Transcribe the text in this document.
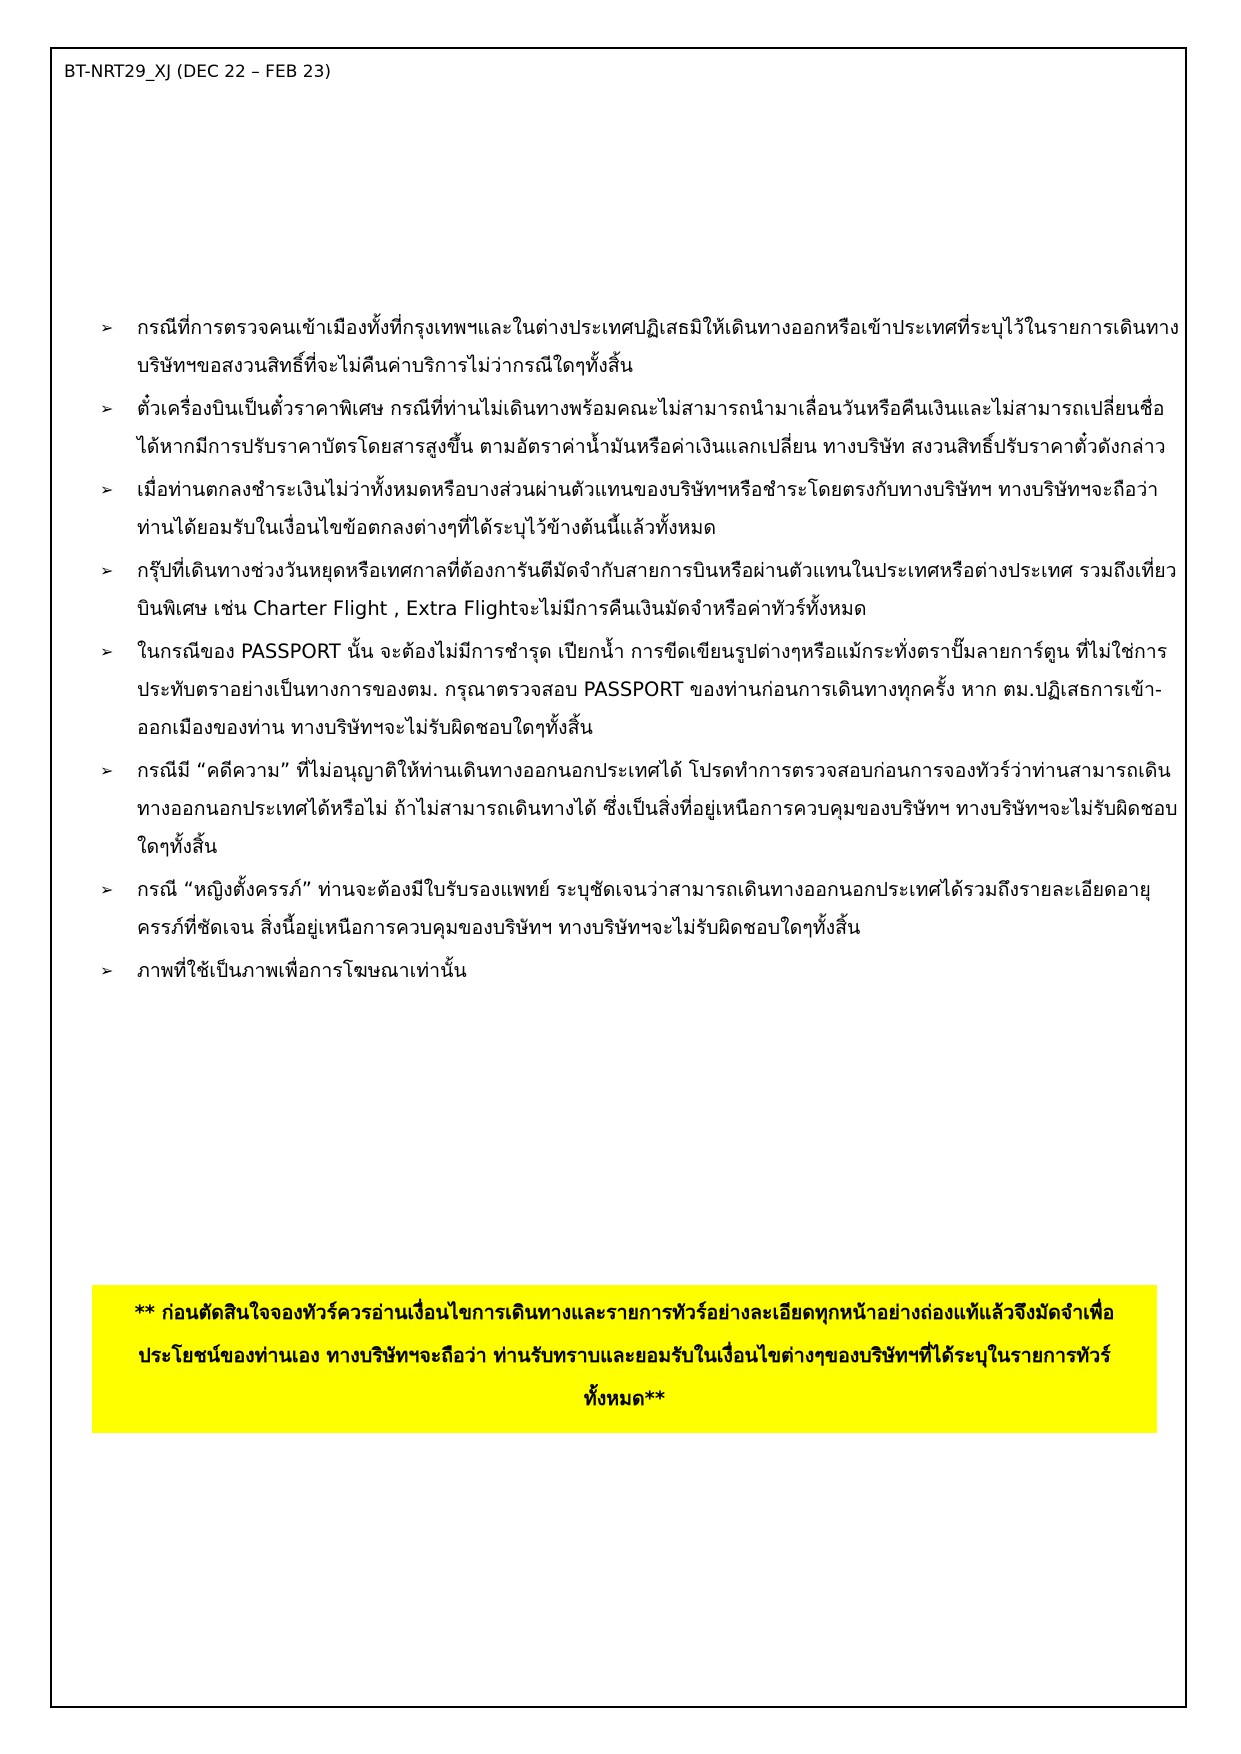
BT-NRT29_XJ (DEC 22 – FEB 23)
➢ กรณีที่การตรวจคนเข้าเมืองทั้งที่กรุงเทพฯและในต่างประเทศปฏิเสธมิให้เดินทางออกหรือเข้าประเทศที่ระบุไว้ในรายการเดินทาง บริษัทฯขอสงวนสิทธิ์ที่จะไม่คืนค่าบริการไม่ว่ากรณีใดๆทั้งสิ้น
➢ ตั๋วเครื่องบินเป็นตั๋วราคาพิเศษ กรณีที่ท่านไม่เดินทางพร้อมคณะไม่สามารถนำมาเลื่อนวันหรือคืนเงินและไม่สามารถเปลี่ยนชื่อได้หากมีการปรับราคาบัตรโดยสารสูงขึ้น ตามอัตราค่าน้ำมันหรือค่าเงินแลกเปลี่ยน ทางบริษัท สงวนสิทธิ์ปรับราคาตั๋วดังกล่าว
➢ เมื่อท่านตกลงชำระเงินไม่ว่าทั้งหมดหรือบางส่วนผ่านตัวแทนของบริษัทฯหรือชำระโดยตรงกับทางบริษัทฯ ทางบริษัทฯจะถือว่าท่านได้ยอมรับในเงื่อนไขข้อตกลงต่างๆที่ได้ระบุไว้ข้างต้นนี้แล้วทั้งหมด
➢ กรุ๊ปที่เดินทางช่วงวันหยุดหรือเทศกาลที่ต้องการันตีมัดจำกับสายการบินหรือผ่านตัวแทนในประเทศหรือต่างประเทศ รวมถึงเที่ยวบินพิเศษ เช่น Charter Flight , Extra Flightจะไม่มีการคืนเงินมัดจำหรือค่าทัวร์ทั้งหมด
➢ ในกรณีของ PASSPORT นั้น จะต้องไม่มีการชำรุด เปียกน้ำ การขีดเขียนรูปต่างๆหรือแม้กระทั่งตราปั๊มลายการ์ตูน ที่ไม่ใช่การประทับตราอย่างเป็นทางการของตม. กรุณาตรวจสอบ PASSPORT ของท่านก่อนการเดินทางทุกครั้ง หาก ตม.ปฏิเสธการเข้า-ออกเมืองของท่าน ทางบริษัทฯจะไม่รับผิดชอบใดๆทั้งสิ้น
➢ กรณีมี “คดีความ” ที่ไม่อนุญาติให้ท่านเดินทางออกนอกประเทศได้ โปรดทำการตรวจสอบก่อนการจองทัวร์ว่าท่านสามารถเดินทางออกนอกประเทศได้หรือไม่ ถ้าไม่สามารถเดินทางได้ ซึ่งเป็นสิ่งที่อยู่เหนือการควบคุมของบริษัทฯ ทางบริษัทฯจะไม่รับผิดชอบใดๆทั้งสิ้น
➢ กรณี “หญิงตั้งครรภ์” ท่านจะต้องมีใบรับรองแพทย์ ระบุชัดเจนว่าสามารถเดินทางออกนอกประเทศได้รวมถึงรายละเอียดอายุครรภ์ที่ชัดเจน สิ่งนี้อยู่เหนือการควบคุมของบริษัทฯ ทางบริษัทฯจะไม่รับผิดชอบใดๆทั้งสิ้น
➢ ภาพที่ใช้เป็นภาพเพื่อการโฆษณาเท่านั้น

** ก่อนตัดสินใจจองทัวร์ควรอ่านเงื่อนไขการเดินทางและรายการทัวร์อย่างละเอียดทุกหน้าอย่างถ่องแท้แล้วจึงมัดจำเพื่อประโยชน์ของท่านเอง ทางบริษัทฯจะถือว่า ท่านรับทราบและยอมรับในเงื่อนไขต่างๆของบริษัทฯที่ได้ระบุในรายการทัวร์ทั้งหมด**
